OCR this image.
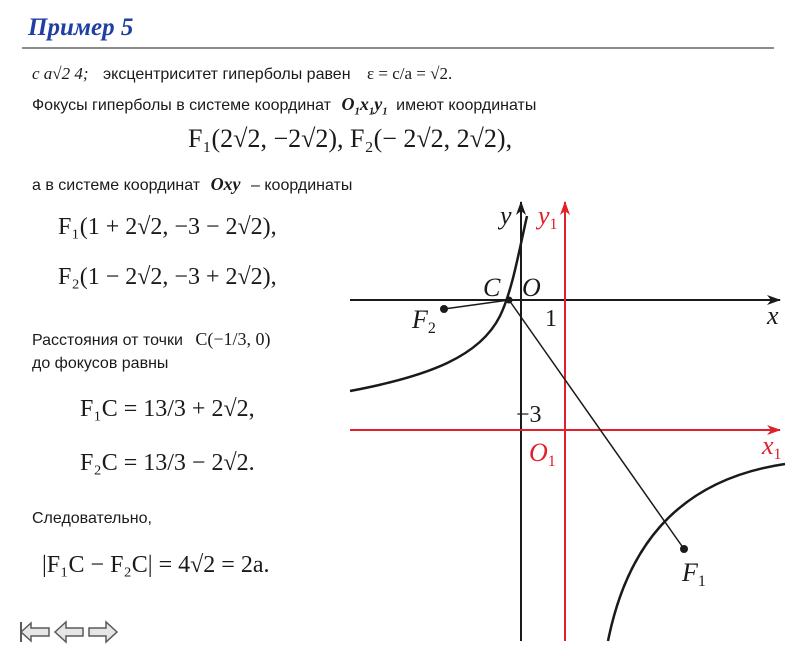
Пример 5
c a√2 4; эксцентриситет гиперболы равен ε = c/a = √2.
Фокусы гиперболы в системе координат $O_1x_1y_1$ имеют координаты
F₁(2√2, −2√2), F₂(− 2√2, 2√2),
а в системе координат Oxy – координаты
F₁(1 + 2√2, −3 − 2√2),
F₂(1 − 2√2, −3 + 2√2),
Расстояния от точки C(−1/3, 0)
до фокусов равны
F₁C = 13/3 + 2√2,
F₂C = 13/3 − 2√2.
Следовательно,
|F₁C − F₂C| = 4√2 = 2a.
y y1
x
x1
C O
O1
F2
F1
1
−3
